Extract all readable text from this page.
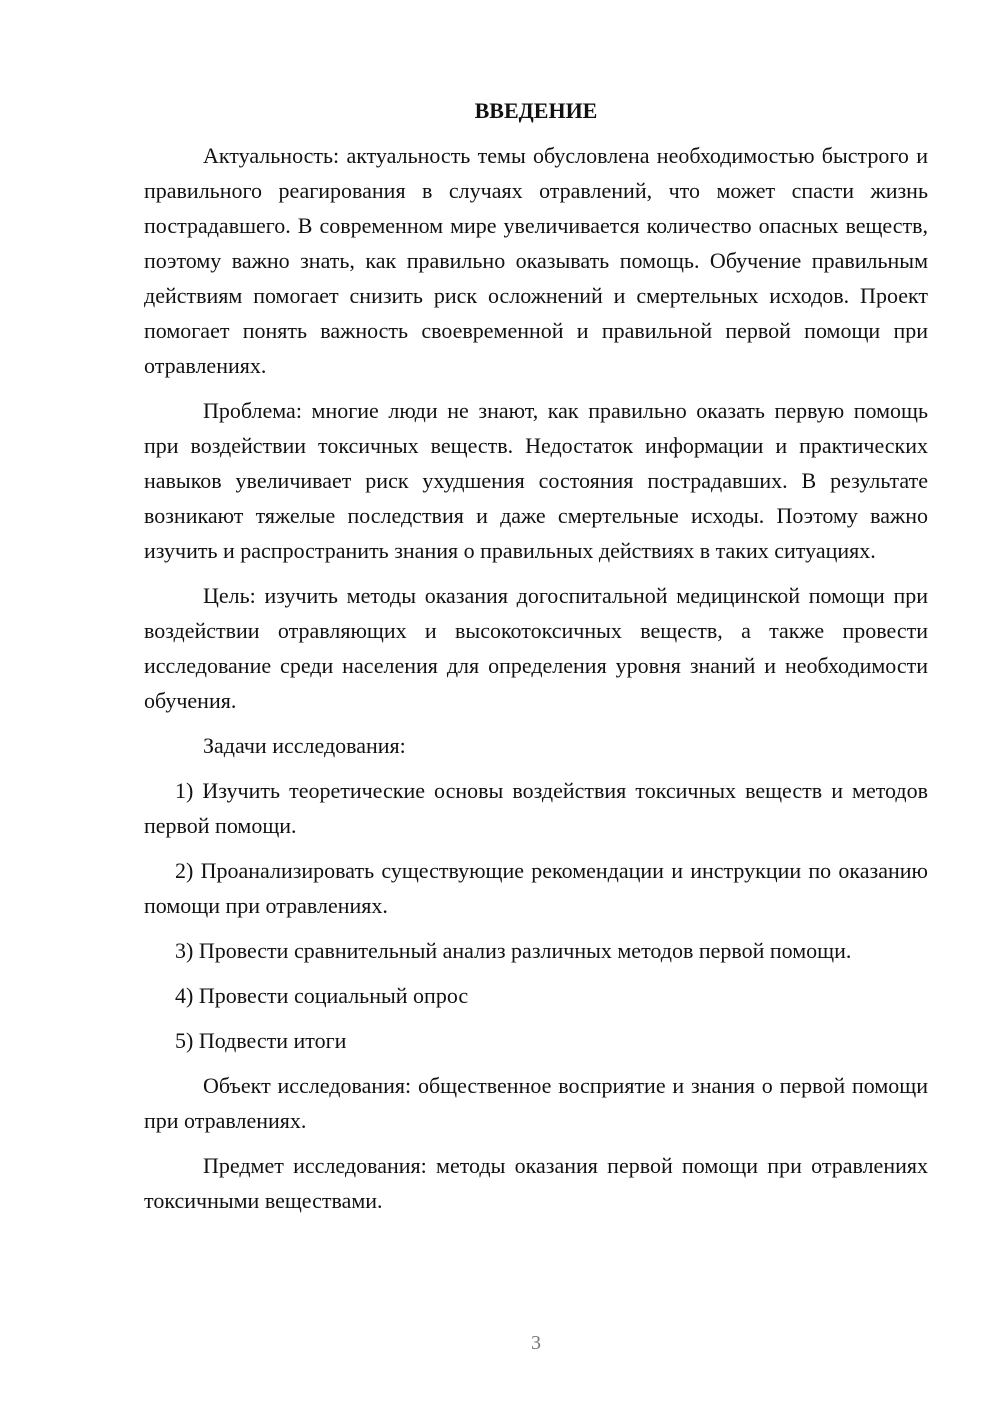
ВВЕДЕНИЕ

Актуальность: актуальность темы обусловлена необходимостью быстрого и правильного реагирования в случаях отравлений, что может спасти жизнь пострадавшего. В современном мире увеличивается количество опасных веществ, поэтому важно знать, как правильно оказывать помощь. Обучение правильным действиям помогает снизить риск осложнений и смертельных исходов. Проект помогает понять важность своевременной и правильной первой помощи при отравлениях.

Проблема: многие люди не знают, как правильно оказать первую помощь при воздействии токсичных веществ. Недостаток информации и практических навыков увеличивает риск ухудшения состояния пострадавших. В результате возникают тяжелые последствия и даже смертельные исходы. Поэтому важно изучить и распространить знания о правильных действиях в таких ситуациях.

Цель: изучить методы оказания догоспитальной медицинской помощи при воздействии отравляющих и высокотоксичных веществ, а также провести исследование среди населения для определения уровня знаний и необходимости обучения.

Задачи исследования:

1) Изучить теоретические основы воздействия токсичных веществ и методов первой помощи.

2) Проанализировать существующие рекомендации и инструкции по оказанию помощи при отравлениях.

3) Провести сравнительный анализ различных методов первой помощи.

4) Провести социальный опрос

5) Подвести итоги

Объект исследования: общественное восприятие и знания о первой помощи при отравлениях.

Предмет исследования: методы оказания первой помощи при отравлениях токсичными веществами.

3
